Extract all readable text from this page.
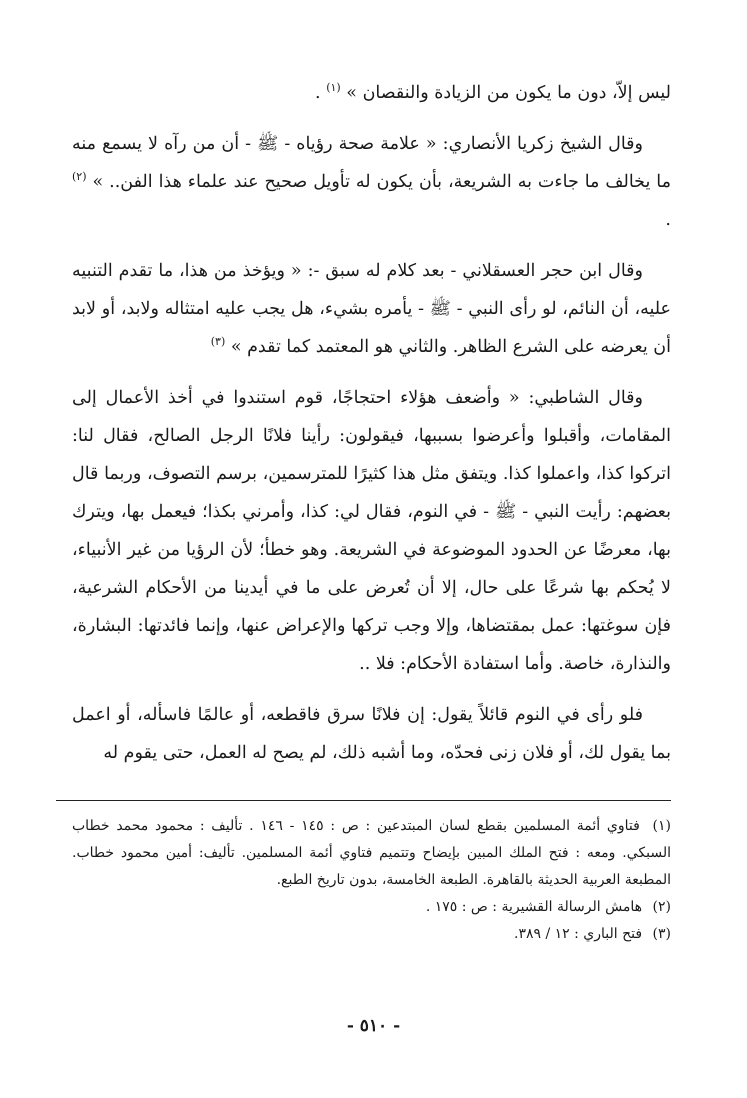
ليس إلاّ، دون ما يكون من الزيادة والنقصان » $^{(١)}$ .

وقال الشيخ زكريا الأنصاري: « علامة صحة رؤياه - ﷺ - أن من رآه لا يسمع منه ما يخالف ما جاءت به الشريعة، بأن يكون له تأويل صحيح عند علماء هذا الفن.. » $^{(٢)}$ .

وقال ابن حجر العسقلاني - بعد كلام له سبق -: « ويؤخذ من هذا، ما تقدم التنبيه عليه، أن النائم، لو رأى النبي - ﷺ - يأمره بشيء، هل يجب عليه امتثاله ولابد، أو لابد أن يعرضه على الشرع الظاهر. والثاني هو المعتمد كما تقدم » $^{(٣)}$

وقال الشاطبي: « وأضعف هؤلاء احتجاجًا، قوم استندوا في أخذ الأعمال إلى المقامات، وأقبلوا وأعرضوا بسببها، فيقولون: رأينا فلانًا الرجل الصالح، فقال لنا: اتركوا كذا، واعملوا كذا. ويتفق مثل هذا كثيرًا للمترسمين، برسم التصوف، وربما قال بعضهم: رأيت النبي - ﷺ - في النوم، فقال لي: كذا، وأمرني بكذا؛ فيعمل بها، ويترك بها، معرضًا عن الحدود الموضوعة في الشريعة. وهو خطأ؛ لأن الرؤيا من غير الأنبياء، لا يُحكم بها شرعًا على حال، إلا أن تُعرض على ما في أيدينا من الأحكام الشرعية، فإن سوغتها: عمل بمقتضاها، وإلا وجب تركها والإعراض عنها، وإنما فائدتها: البشارة، والنذارة، خاصة. وأما استفادة الأحكام: فلا ..

فلو رأى في النوم قائلاً يقول: إن فلانًا سرق فاقطعه، أو عالمًا فاسأله، أو اعمل بما يقول لك، أو فلان زنى فحدّه، وما أشبه ذلك، لم يصح له العمل، حتى يقوم له

(١) فتاوي أئمة المسلمين بقطع لسان المبتدعين : ص : ١٤٥ - ١٤٦ . تأليف : محمود محمد خطاب السبكي. ومعه : فتح الملك المبين بإيضاح وتتميم فتاوي أئمة المسلمين. تأليف: أمين محمود خطاب. المطبعة العربية الحديثة بالقاهرة. الطبعة الخامسة، بدون تاريخ الطبع.

(٢) هامش الرسالة القشيرية : ص : ١٧٥ .

(٣) فتح الباري : ١٢ / ٣٨٩.

- ٥١٠ -
